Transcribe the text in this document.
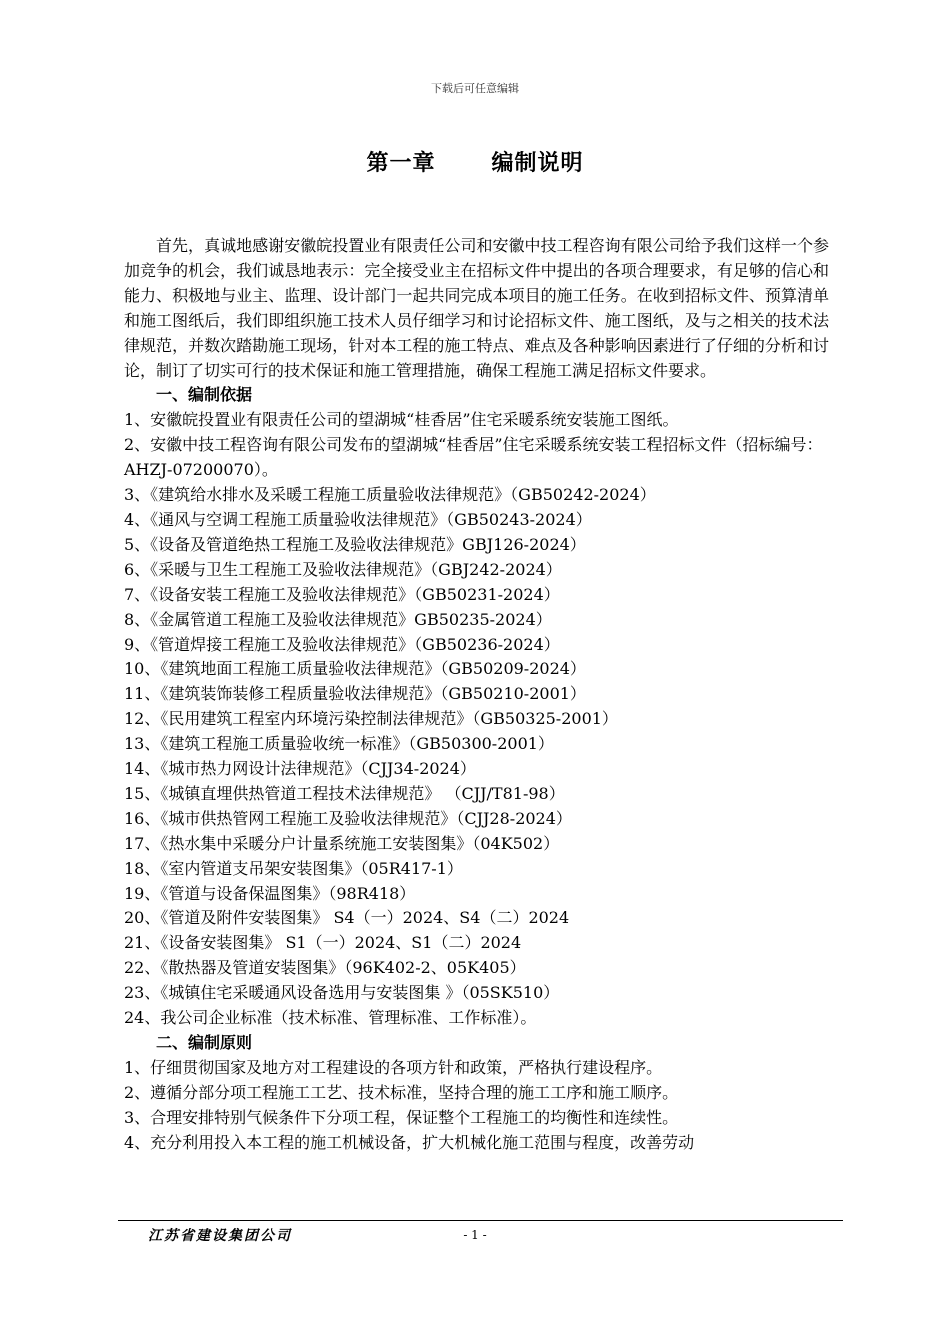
下载后可任意编辑
第一章	编制说明

首先，真诚地感谢安徽皖投置业有限责任公司和安徽中技工程咨询有限公司给予我们这样一个参加竞争的机会，我们诚恳地表示：完全接受业主在招标文件中提出的各项合理要求，有足够的信心和能力、积极地与业主、监理、设计部门一起共同完成本项目的施工任务。在收到招标文件、预算清单和施工图纸后，我们即组织施工技术人员仔细学习和讨论招标文件、施工图纸，及与之相关的技术法律规范，并数次踏勘施工现场，针对本工程的施工特点、难点及各种影响因素进行了仔细的分析和讨论，制订了切实可行的技术保证和施工管理措施，确保工程施工满足招标文件要求。

一、编制依据

1、安徽皖投置业有限责任公司的望湖城“桂香居”住宅采暖系统安装施工图纸。

2、安徽中技工程咨询有限公司发布的望湖城“桂香居”住宅采暖系统安装工程招标文件（招标编号：AHZJ-07200070）。

3、《建筑给水排水及采暖工程施工质量验收法律规范》（GB50242-2024）

4、《通风与空调工程施工质量验收法律规范》（GB50243-2024）

5、《设备及管道绝热工程施工及验收法律规范》GBJ126-2024）

6、《采暖与卫生工程施工及验收法律规范》（GBJ242-2024）

7、《设备安装工程施工及验收法律规范》（GB50231-2024）

8、《金属管道工程施工及验收法律规范》GB50235-2024）

9、《管道焊接工程施工及验收法律规范》（GB50236-2024）

10、《建筑地面工程施工质量验收法律规范》（GB50209-2024）

11、《建筑装饰装修工程质量验收法律规范》（GB50210-2001）

12、《民用建筑工程室内环境污染控制法律规范》（GB50325-2001）

13、《建筑工程施工质量验收统一标准》（GB50300-2001）

14、《城市热力网设计法律规范》（CJJ34-2024）

15、《城镇直埋供热管道工程技术法律规范》 （CJJ/T81-98）

16、《城市供热管网工程施工及验收法律规范》（CJJ28-2024）

17、《热水集中采暖分户计量系统施工安装图集》（04K502）

18、《室内管道支吊架安装图集》（05R417-1）

19、《管道与设备保温图集》（98R418）

20、《管道及附件安装图集》 S4（一）2024、S4（二）2024

21、《设备安装图集》 S1（一）2024、S1（二）2024

22、《散热器及管道安装图集》（96K402-2、05K405）

23、《城镇住宅采暖通风设备选用与安装图集 》（05SK510）

24、我公司企业标准（技术标准、管理标准、工作标准）。

二、编制原则

1、仔细贯彻国家及地方对工程建设的各项方针和政策，严格执行建设程序。

2、遵循分部分项工程施工工艺、技术标准，坚持合理的施工工序和施工顺序。

3、合理安排特别气候条件下分项工程，保证整个工程施工的均衡性和连续性。

4、充分利用投入本工程的施工机械设备，扩大机械化施工范围与程度，改善劳动

江苏省建设集团公司	- 1 -
